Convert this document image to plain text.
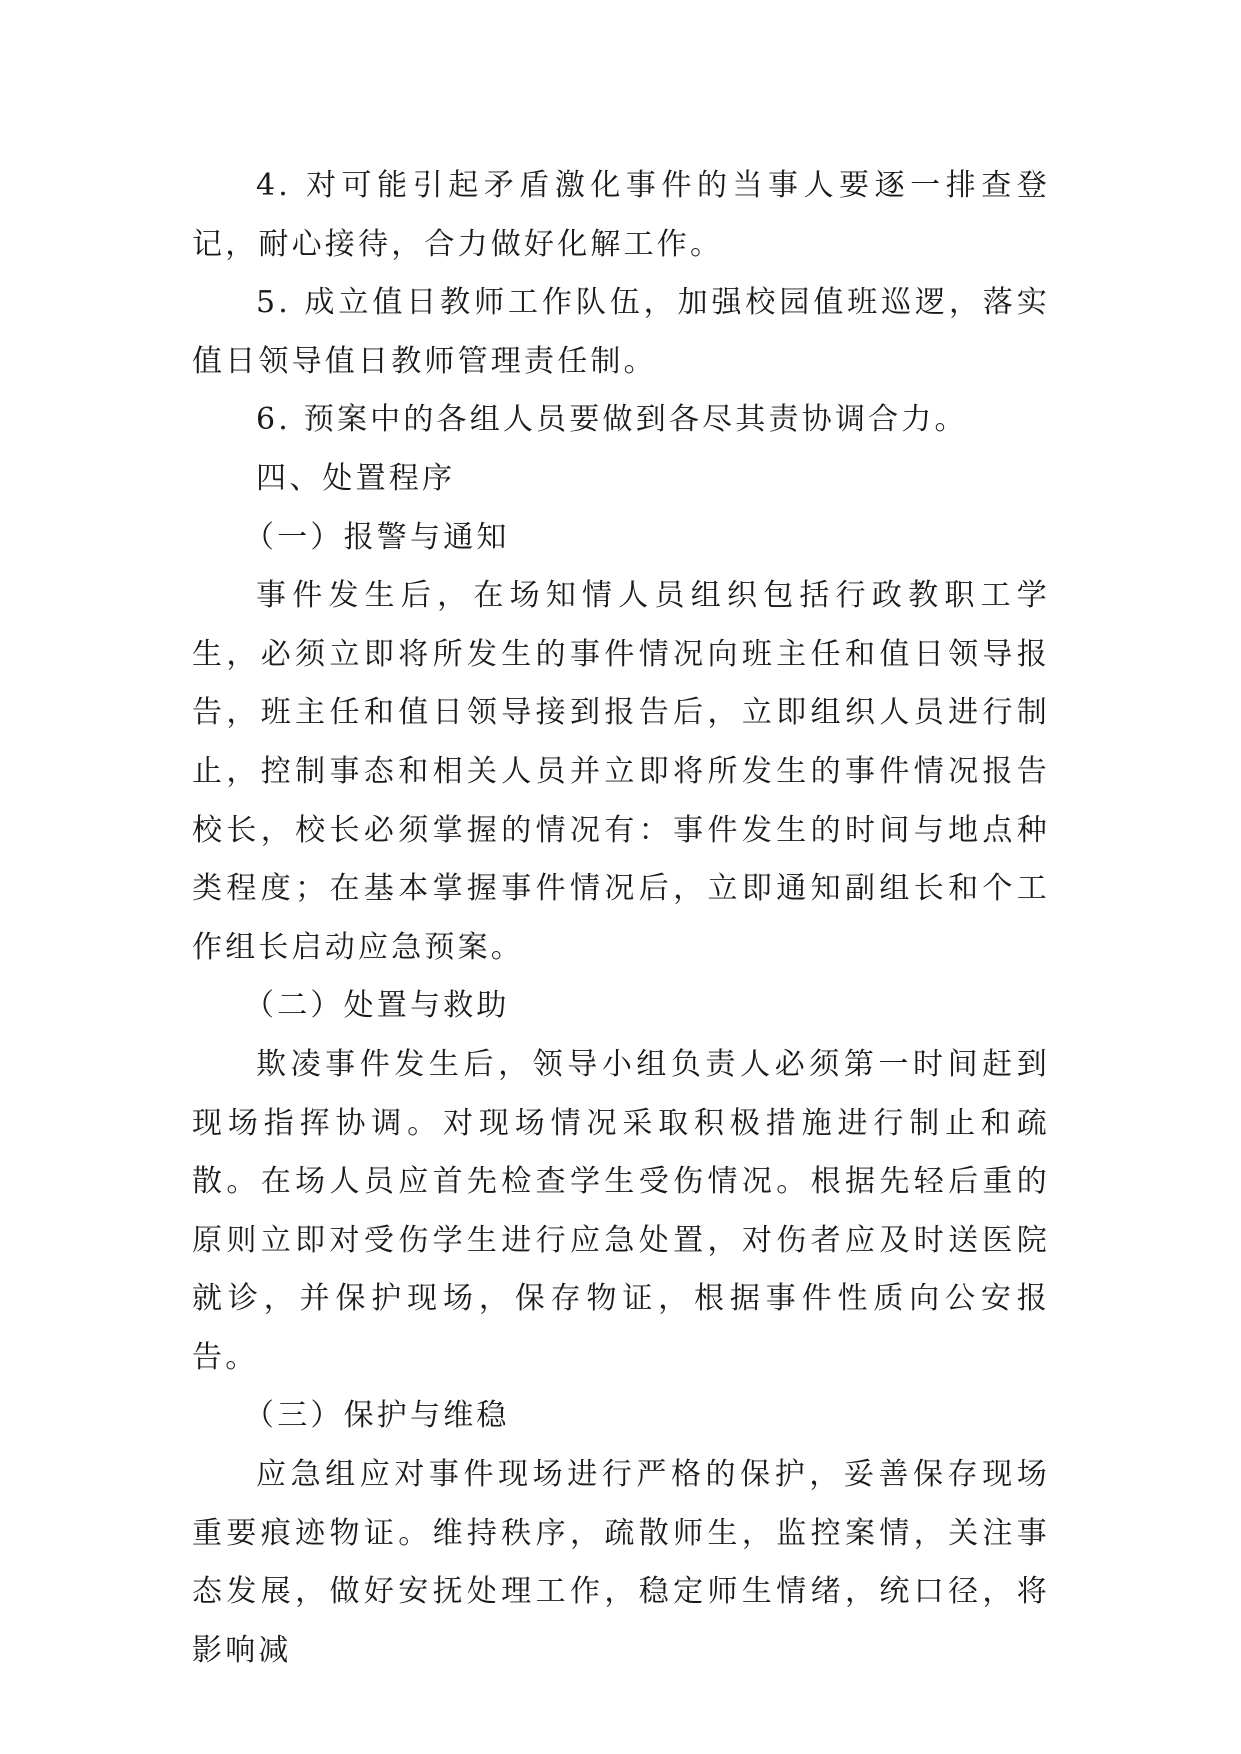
4. 对可能引起矛盾激化事件的当事人要逐一排查登记，耐心接待，合力做好化解工作。

5. 成立值日教师工作队伍，加强校园值班巡逻，落实值日领导值日教师管理责任制。

6. 预案中的各组人员要做到各尽其责协调合力。

四、处置程序

（一）报警与通知

事件发生后，在场知情人员组织包括行政教职工学生，必须立即将所发生的事件情况向班主任和值日领导报告，班主任和值日领导接到报告后，立即组织人员进行制止，控制事态和相关人员并立即将所发生的事件情况报告校长，校长必须掌握的情况有：事件发生的时间与地点种类程度；在基本掌握事件情况后，立即通知副组长和个工作组长启动应急预案。

（二）处置与救助

欺凌事件发生后，领导小组负责人必须第一时间赶到现场指挥协调。对现场情况采取积极措施进行制止和疏散。在场人员应首先检查学生受伤情况。根据先轻后重的原则立即对受伤学生进行应急处置，对伤者应及时送医院就诊，并保护现场，保存物证，根据事件性质向公安报告。

（三）保护与维稳

应急组应对事件现场进行严格的保护，妥善保存现场重要痕迹物证。维持秩序，疏散师生，监控案情，关注事态发展，做好安抚处理工作，稳定师生情绪，统口径，将影响减
